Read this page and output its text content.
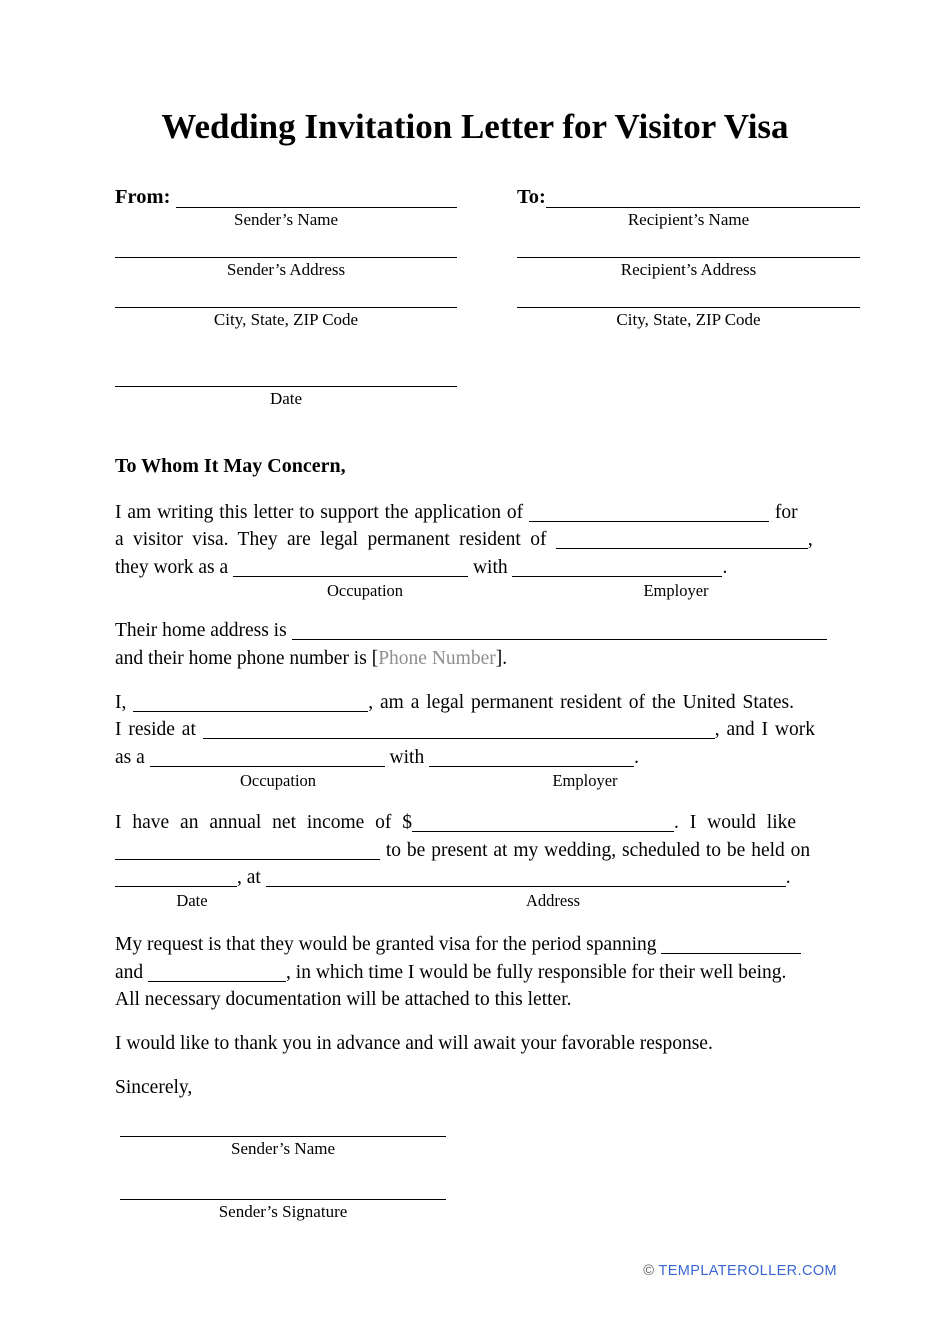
Wedding Invitation Letter for Visitor Visa
From:
Sender’s Name
Sender’s Address
City, State, ZIP Code
Date
To:
Recipient’s Name
Recipient’s Address
City, State, ZIP Code
To Whom It May Concern,
I am writing this letter to support the application of	for
a visitor visa. They are legal permanent resident of	,
they work as a	with	.
Occupation	Employer
Their home address is
and their home phone number is [Phone Number].
I,	, am a legal permanent resident of the United States.
I reside at	, and I work
as a	with	.
Occupation	Employer
I have an annual net income of $	. I would like
to be present at my wedding, scheduled to be held on
, at	.
Date	Address
My request is that they would be granted visa for the period spanning
and	, in which time I would be fully responsible for their well being.
All necessary documentation will be attached to this letter.
I would like to thank you in advance and will await your favorable response.
Sincerely,
Sender’s Name
Sender’s Signature
© TEMPLATEROLLER.COM
